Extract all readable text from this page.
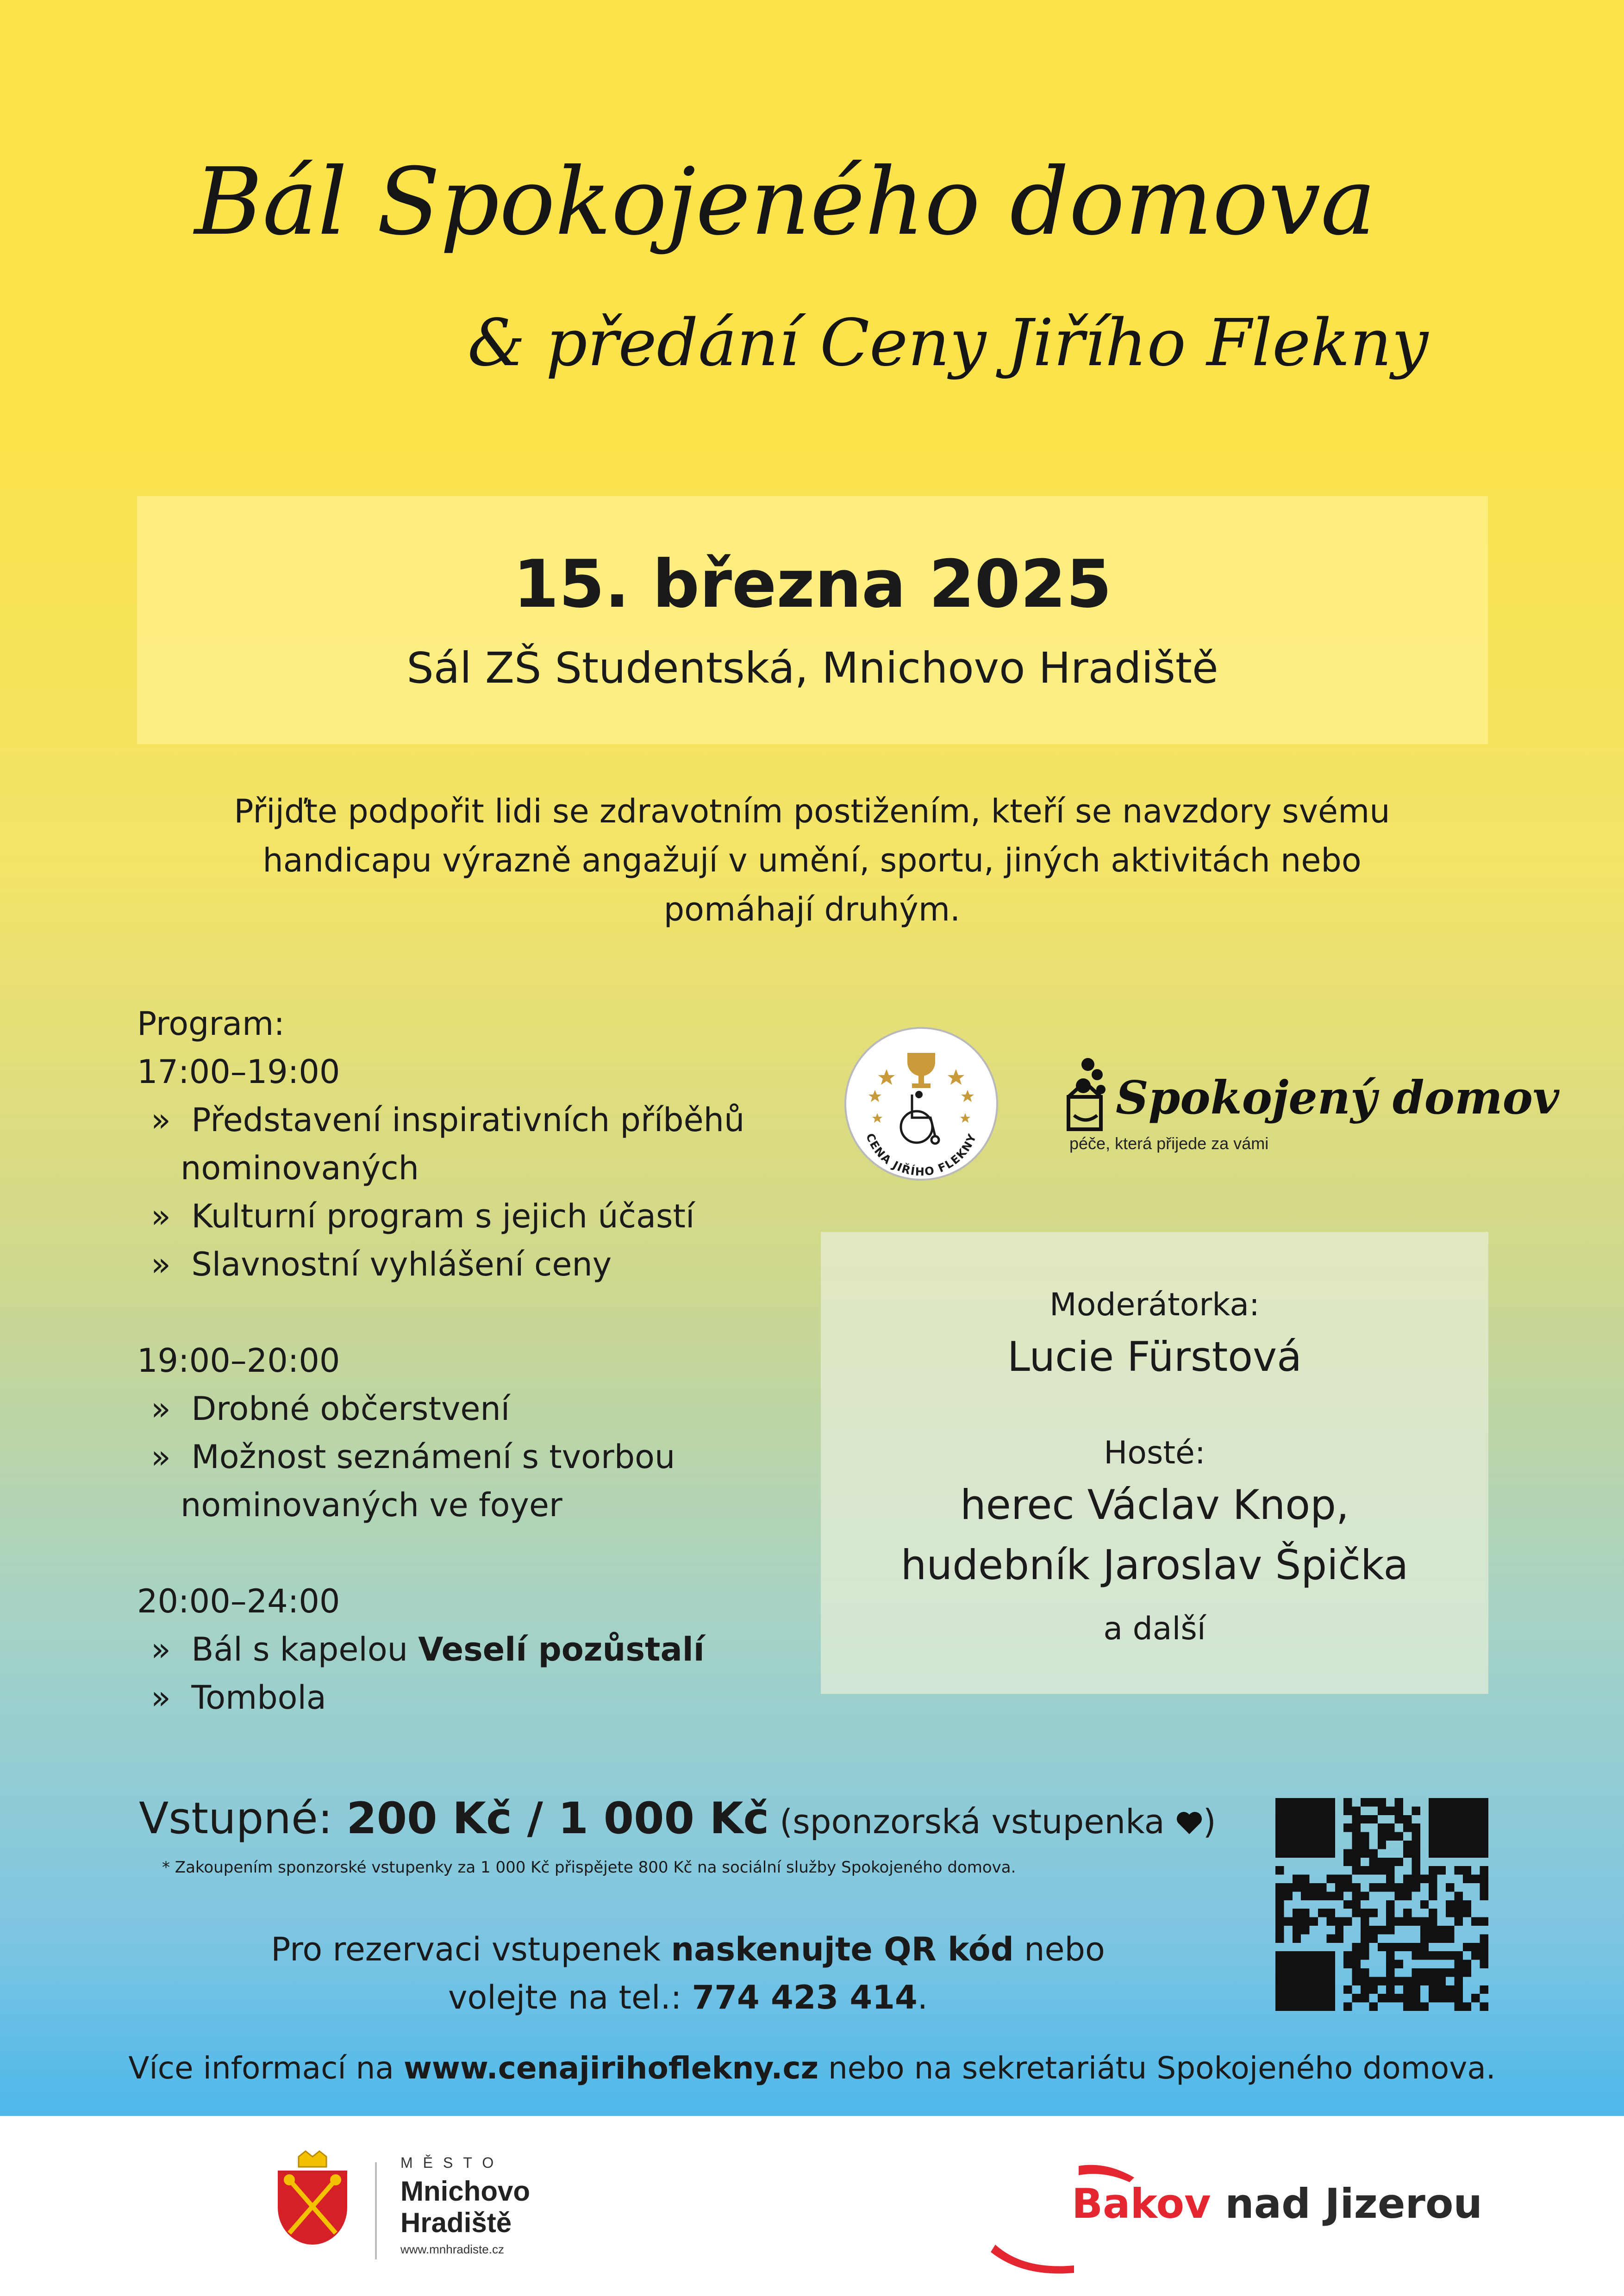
Bál Spokojeného domova
& předání Ceny Jiřího Flekny
15. března 2025
Sál ZŠ Studentská, Mnichovo Hradiště
Přijďte podpořit lidi se zdravotním postižením, kteří se navzdory svému
handicapu výrazně angažují v umění, sportu, jiných aktivitách nebo
pomáhají druhým.
Program:
17:00–19:00
» Představení inspirativních příběhů
nominovaných
» Kulturní program s jejich účastí
» Slavnostní vyhlášení ceny
19:00–20:00
» Drobné občerstvení
» Možnost seznámení s tvorbou
nominovaných ve foyer
20:00–24:00
» Bál s kapelou Veselí pozůstalí
» Tombola
CENA JIŘÍHO FLEKNY
Spokojený domov
péče, která přijede za vámi
Moderátorka:
Lucie Fürstová
Hosté:
herec Václav Knop,
hudebník Jaroslav Špička
a další
Vstupné: 200 Kč / 1 000 Kč (sponzorská vstupenka )
* Zakoupením sponzorské vstupenky za 1 000 Kč přispějete 800 Kč na sociální služby Spokojeného domova.
Pro rezervaci vstupenek naskenujte QR kód nebo
volejte na tel.: 774 423 414.
Více informací na www.cenajirihoflekny.cz nebo na sekretariátu Spokojeného domova.
MĚSTO
Mnichovo
Hradiště
www.mnhradiste.cz
Bakov nad Jizerou
